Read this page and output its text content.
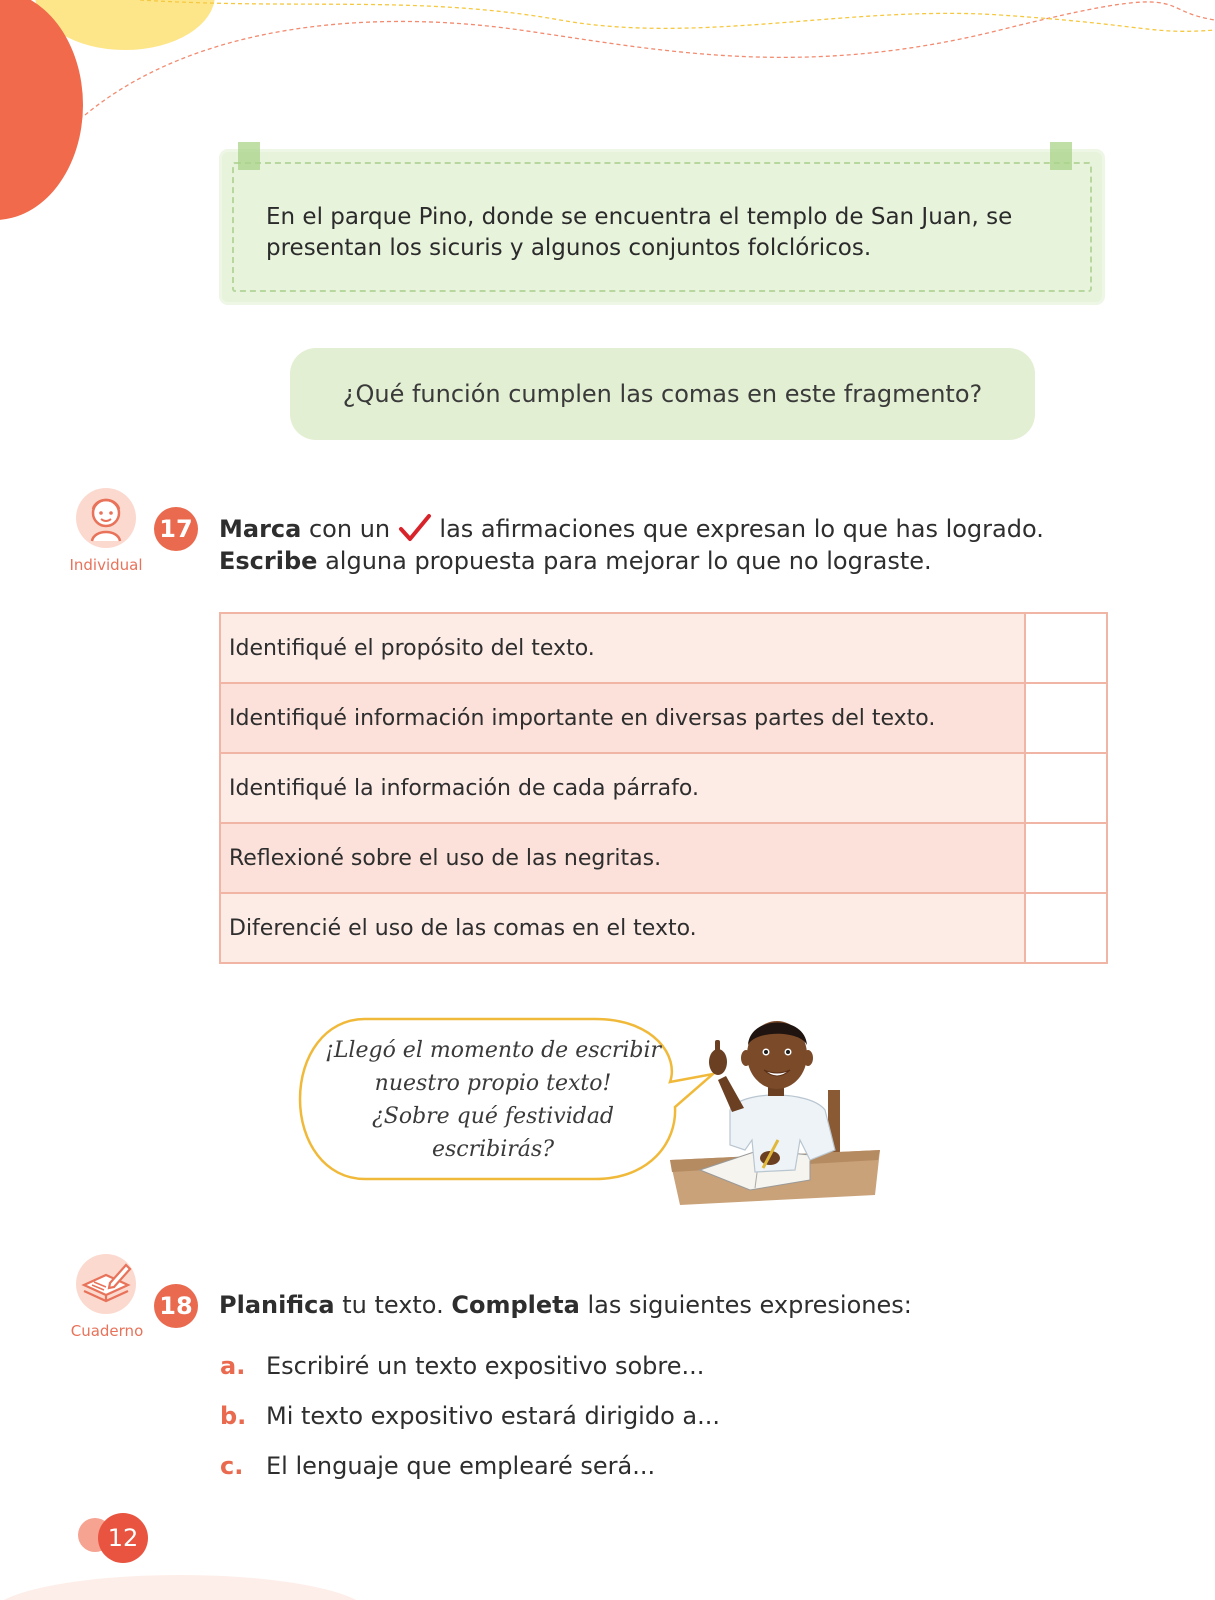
En el parque Pino, donde se encuentra el templo de San Juan, se presentan los sicuris y algunos conjuntos folclóricos.
¿Qué función cumplen las comas en este fragmento?
Individual
17 Marca con un las afirmaciones que expresan lo que has logrado.
Escribe alguna propuesta para mejorar lo que no lograste.
Identifiqué el propósito del texto.	
Identifiqué información importante en diversas partes del texto.	
Identifiqué la información de cada párrafo.	
Reflexioné sobre el uso de las negritas.	
Diferencié el uso de las comas en el texto.	
¡Llegó el momento de escribir
nuestro propio texto!
¿Sobre qué festividad
escribirás?
Cuaderno
18 Planifica tu texto. Completa las siguientes expresiones:
a. Escribiré un texto expositivo sobre...
b. Mi texto expositivo estará dirigido a...
c. El lenguaje que emplearé será...
12
